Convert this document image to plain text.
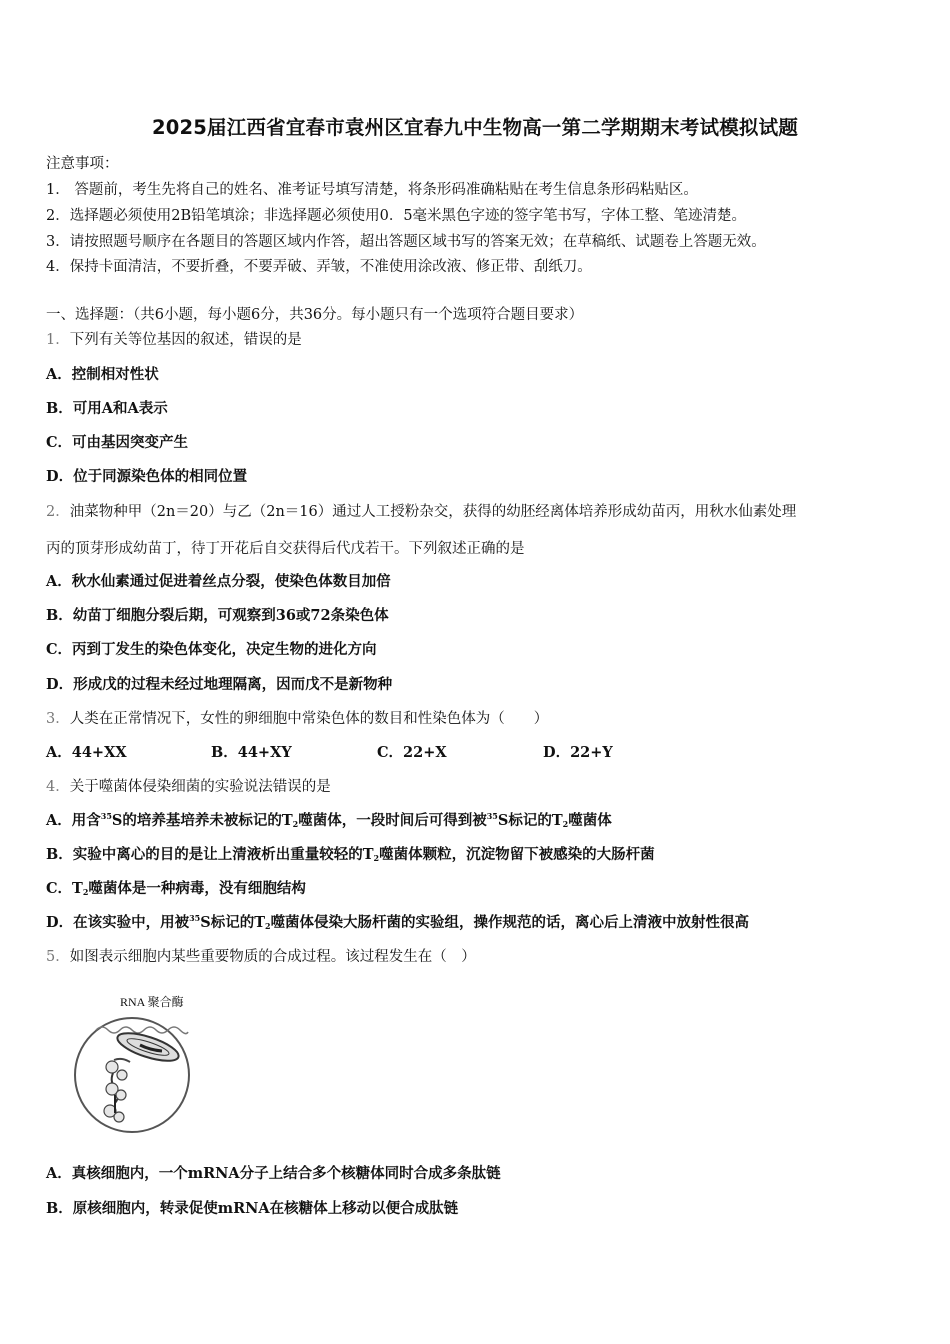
2025届江西省宜春市袁州区宜春九中生物高一第二学期期末考试模拟试题
注意事项：
1． 答题前，考生先将自己的姓名、准考证号填写清楚，将条形码准确粘贴在考生信息条形码粘贴区。
2．选择题必须使用2B铅笔填涂；非选择题必须使用0．5毫米黑色字迹的签字笔书写，字体工整、笔迹清楚。
3．请按照题号顺序在各题目的答题区域内作答，超出答题区域书写的答案无效；在草稿纸、试题卷上答题无效。
4．保持卡面清洁，不要折叠，不要弄破、弄皱，不准使用涂改液、修正带、刮纸刀。
一、选择题：（共6小题，每小题6分，共36分。每小题只有一个选项符合题目要求）
1．下列有关等位基因的叙述，错误的是
A．控制相对性状
B．可用A和A表示
C．可由基因突变产生
D．位于同源染色体的相同位置
2．油菜物种甲（2n＝20）与乙（2n＝16）通过人工授粉杂交，获得的幼胚经离体培养形成幼苗丙，用秋水仙素处理
丙的顶芽形成幼苗丁，待丁开花后自交获得后代戊若干。下列叙述正确的是
A．秋水仙素通过促进着丝点分裂，使染色体数目加倍
B．幼苗丁细胞分裂后期，可观察到36或72条染色体
C．丙到丁发生的染色体变化，决定生物的进化方向
D．形成戊的过程未经过地理隔离，因而戊不是新物种
3．人类在正常情况下，女性的卵细胞中常染色体的数目和性染色体为（　　）
A．44+XX	B．44+XY	C．22+X	D．22+Y
4．关于噬菌体侵染细菌的实验说法错误的是
A．用含$^{35}$S的培养基培养未被标记的$T_2$噬菌体，一段时间后可得到被$^{35}$S标记的$T_2$噬菌体
B．实验中离心的目的是让上清液析出重量较轻的$T_2$噬菌体颗粒，沉淀物留下被感染的大肠杆菌
C．$T_2$噬菌体是一种病毒，没有细胞结构
D．在该实验中，用被$^{35}$S标记的$T_2$噬菌体侵染大肠杆菌的实验组，操作规范的话，离心后上清液中放射性很高
5．如图表示细胞内某些重要物质的合成过程。该过程发生在（　）
RNA 聚合酶
A．真核细胞内，一个mRNA分子上结合多个核糖体同时合成多条肽链
B．原核细胞内，转录促使mRNA在核糖体上移动以便合成肽链
